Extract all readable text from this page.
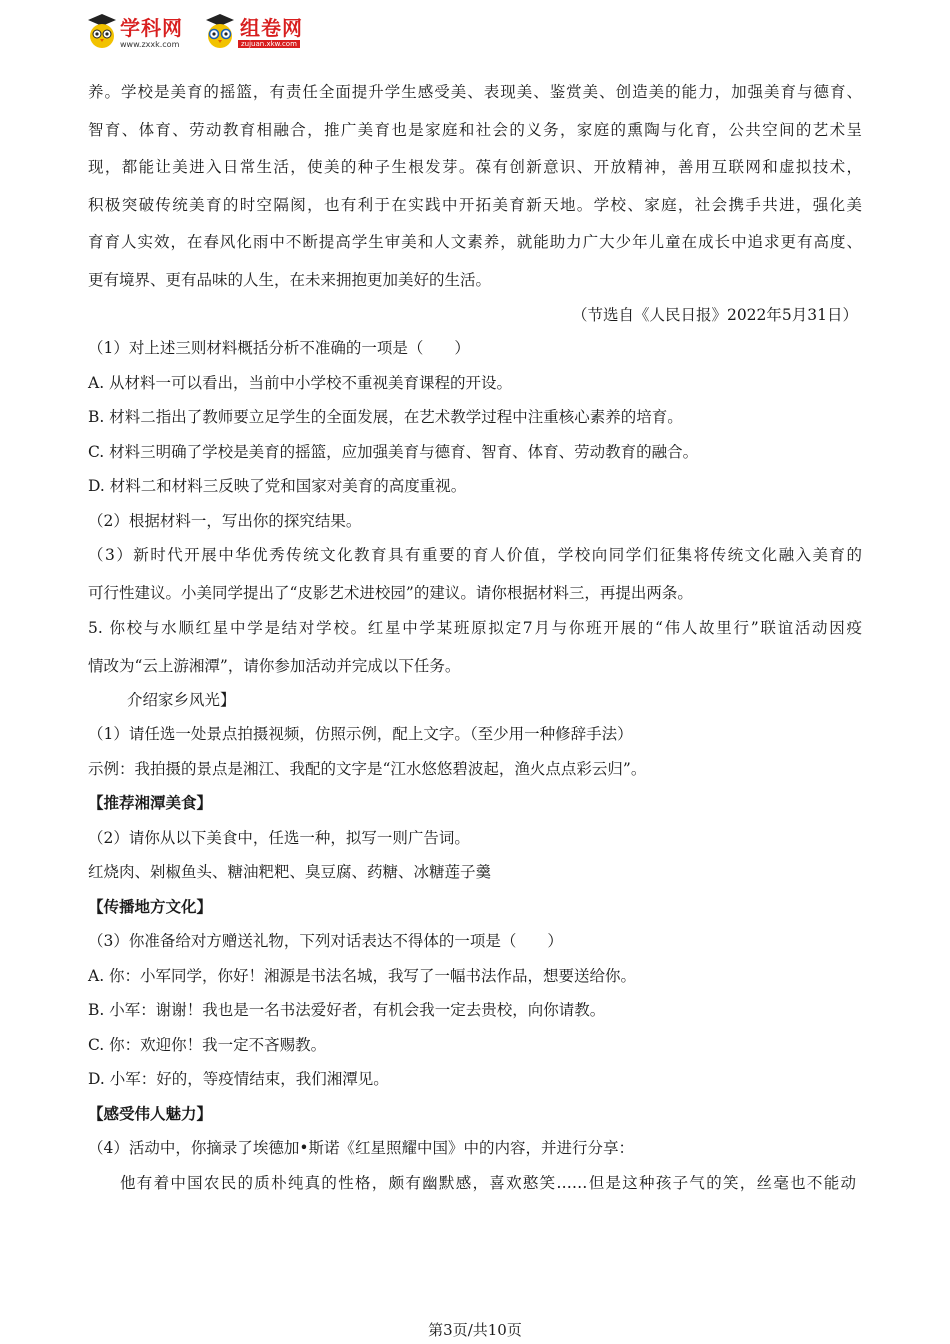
学科网
www.zxxk.com
组卷网
zujuan.xkw.com
养。学校是美育的摇篮，有责任全面提升学生感受美、表现美、鉴赏美、创造美的能力，加强美育与德育、
智育、体育、劳动教育相融合，推广美育也是家庭和社会的义务，家庭的熏陶与化育，公共空间的艺术呈
现，都能让美进入日常生活，使美的种子生根发芽。葆有创新意识、开放精神，善用互联网和虚拟技术，
积极突破传统美育的时空隔阂，也有利于在实践中开拓美育新天地。学校、家庭，社会携手共进，强化美
育育人实效，在春风化雨中不断提高学生审美和人文素养，就能助力广大少年儿童在成长中追求更有高度、
更有境界、更有品味的人生，在未来拥抱更加美好的生活。
（节选自《人民日报》2022年5月31日）
（1）对上述三则材料概括分析不准确的一项是（　　）
A. 从材料一可以看出，当前中小学校不重视美育课程的开设。
B. 材料二指出了教师要立足学生的全面发展，在艺术教学过程中注重核心素养的培育。
C. 材料三明确了学校是美育的摇篮，应加强美育与德育、智育、体育、劳动教育的融合。
D. 材料二和材料三反映了党和国家对美育的高度重视。
（2）根据材料一，写出你的探究结果。
（3）新时代开展中华优秀传统文化教育具有重要的育人价值，学校向同学们征集将传统文化融入美育的
可行性建议。小美同学提出了“皮影艺术进校园”的建议。请你根据材料三，再提出两条。
5. 你校与水顺红星中学是结对学校。红星中学某班原拟定7月与你班开展的“伟人故里行”联谊活动因疫
情改为“云上游湘潭”，请你参加活动并完成以下任务。
介绍家乡风光】
（1）请任选一处景点拍摄视频，仿照示例，配上文字。（至少用一种修辞手法）
示例：我拍摄的景点是湘江、我配的文字是“江水悠悠碧波起，渔火点点彩云归”。
【推荐湘潭美食】
（2）请你从以下美食中，任选一种，拟写一则广告词。
红烧肉、剁椒鱼头、糖油粑粑、臭豆腐、药糖、冰糖莲子羹
【传播地方文化】
（3）你准备给对方赠送礼物，下列对话表达不得体的一项是（　　）
A. 你：小军同学，你好！湘源是书法名城，我写了一幅书法作品，想要送给你。
B. 小军：谢谢！我也是一名书法爱好者，有机会我一定去贵校，向你请教。
C. 你：欢迎你！我一定不吝赐教。
D. 小军：好的，等疫情结束，我们湘潭见。
【感受伟人魅力】
（4）活动中，你摘录了埃德加•斯诺《红星照耀中国》中的内容，并进行分享：
他有着中国农民的质朴纯真的性格，颇有幽默感，喜欢憨笑……但是这种孩子气的笑，丝毫也不能动
第3页/共10页
